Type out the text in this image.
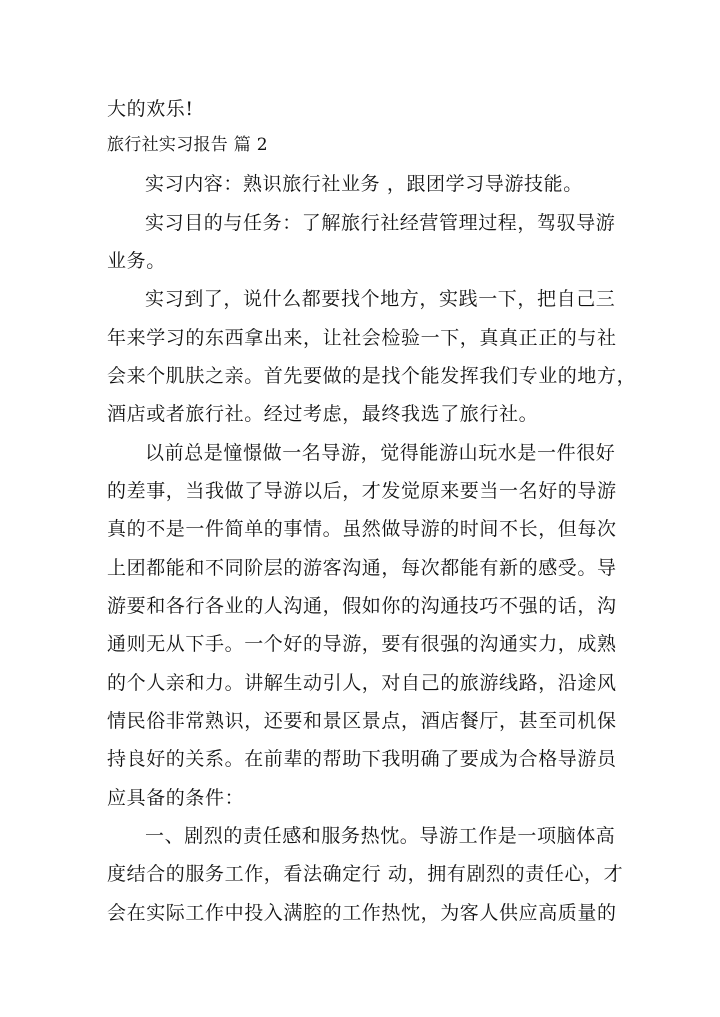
大的欢乐!
旅行社实习报告 篇 2
实习内容：熟识旅行社业务 ，跟团学习导游技能。
实习目的与任务：了解旅行社经营管理过程，驾驭导游
业务。
实习到了，说什么都要找个地方，实践一下，把自己三
年来学习的东西拿出来，让社会检验一下，真真正正的与社
会来个肌肤之亲。首先要做的是找个能发挥我们专业的地方，
酒店或者旅行社。经过考虑，最终我选了旅行社。
以前总是憧憬做一名导游，觉得能游山玩水是一件很好
的差事，当我做了导游以后，才发觉原来要当一名好的导游
真的不是一件简单的事情。虽然做导游的时间不长，但每次
上团都能和不同阶层的游客沟通，每次都能有新的感受。导
游要和各行各业的人沟通，假如你的沟通技巧不强的话，沟
通则无从下手。一个好的导游，要有很强的沟通实力，成熟
的个人亲和力。讲解生动引人，对自己的旅游线路，沿途风
情民俗非常熟识，还要和景区景点，酒店餐厅，甚至司机保
持良好的关系。在前辈的帮助下我明确了要成为合格导游员
应具备的条件：
一、剧烈的责任感和服务热忱。导游工作是一项脑体高
度结合的服务工作，看法确定行 动，拥有剧烈的责任心，才
会在实际工作中投入满腔的工作热忱，为客人供应高质量的
